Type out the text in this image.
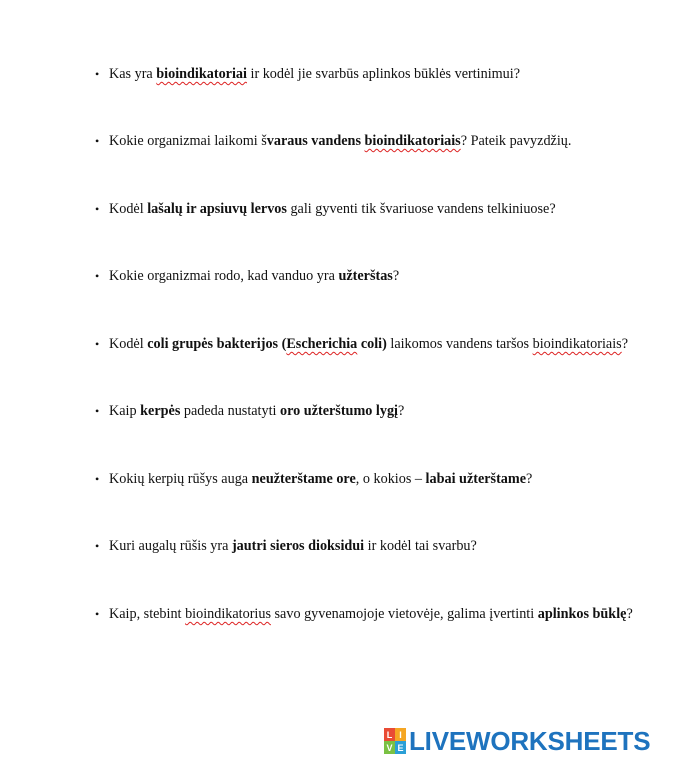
• Kas yra bioindikatoriai ir kodėl jie svarbūs aplinkos būklės vertinimui?
• Kokie organizmai laikomi švaraus vandens bioindikatoriais? Pateik pavyzdžių.
• Kodėl lašalų ir apsiuvų lervos gali gyventi tik švariuose vandens telkiniuose?
• Kokie organizmai rodo, kad vanduo yra užterštas?
• Kodėl coli grupės bakterijos (Escherichia coli) laikomos vandens taršos bioindikatoriais?
• Kaip kerpės padeda nustatyti oro užterštumo lygį?
• Kokių kerpių rūšys auga neužterštame ore, o kokios – labai užterštame?
• Kuri augalų rūšis yra jautri sieros dioksidui ir kodėl tai svarbu?
• Kaip, stebint bioindikatorius savo gyvenamojoje vietovėje, galima įvertinti aplinkos būklę?
L I
V E LIVEWORKSHEETS
